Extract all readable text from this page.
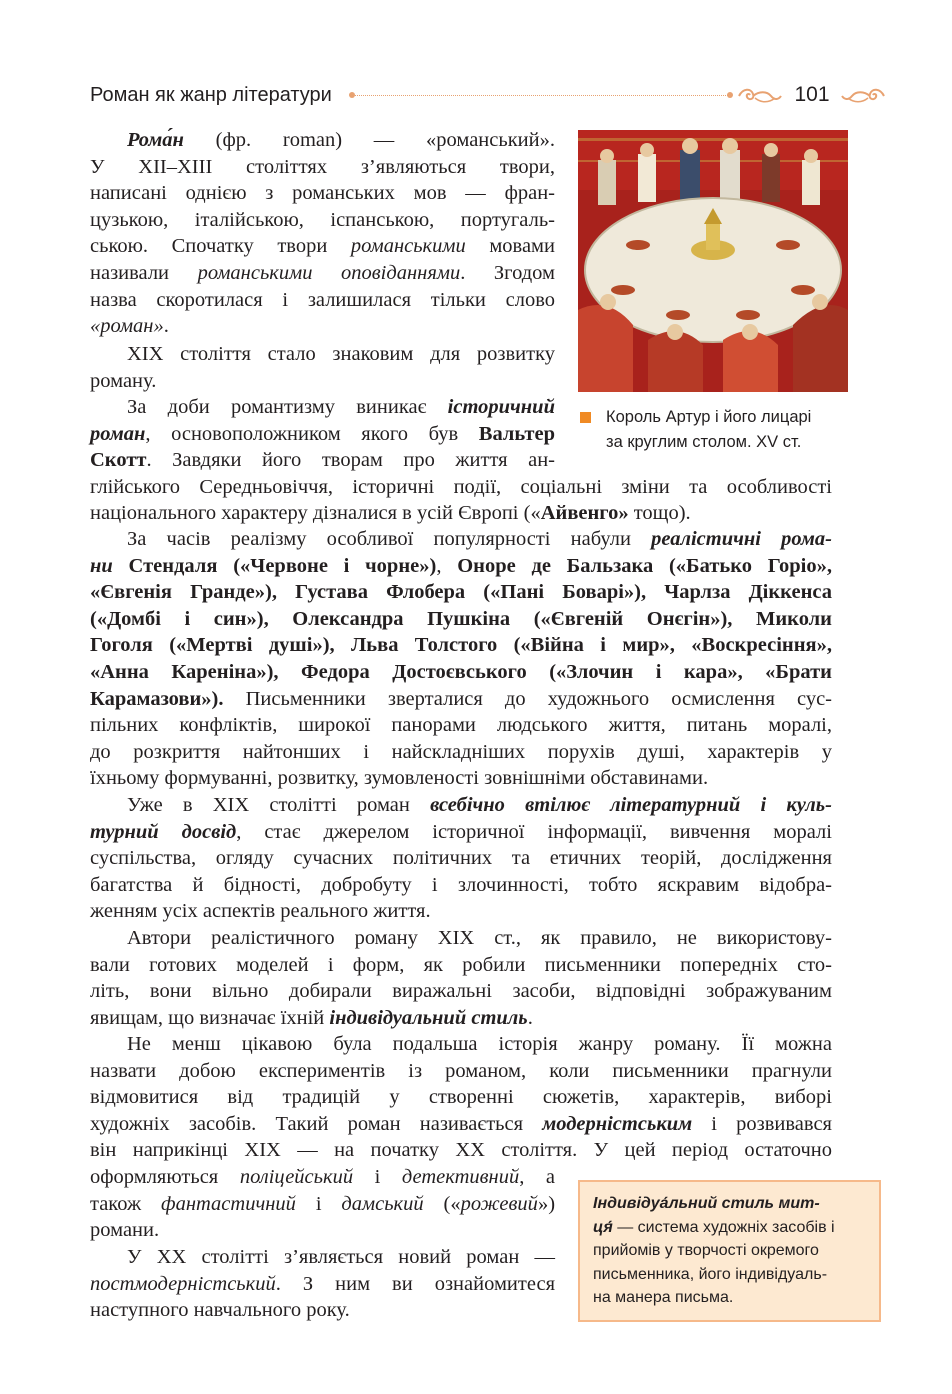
Роман як жанр літератури	101
Рома́н (фр. roman) — «романський».
У XII–XIII століттях з’являються твори,
написані однією з романських мов — фран-
цузькою, італійською, іспанською, португаль-
ською. Спочатку твори романськими мовами
називали романськими оповіданнями. Згодом
назва скоротилася і залишилася тільки слово
«роман».
XIX століття стало знаковим для розвитку
роману.
За доби романтизму виникає історичний
роман, основоположником якого був Вальтер
Скотт. Завдяки його творам про життя ан-
глійського Середньовіччя, історичні події, соціальні зміни та особливості
національного характеру дізналися в усій Європі («Айвенго» тощо).
За часів реалізму особливої популярності набули реалістичні рома-
ни Стендаля («Червоне і чорне»), Оноре де Бальзака («Батько Горіо»,
«Євгенія Гранде»), Густава Флобера («Пані Боварі»), Чарлза Діккенса
(«Домбі і син»), Олександра Пушкіна («Євгеній Онєгін»), Миколи
Гоголя («Мертві душі»), Льва Толстого («Війна і мир», «Воскресіння»,
«Анна Кареніна»), Федора Достоєвського («Злочин і кара», «Брати
Карамазови»). Письменники зверталися до художнього осмислення сус-
пільних конфліктів, широкої панорами людського життя, питань моралі,
до розкриття найтонших і найскладніших порухів душі, характерів у
їхньому формуванні, розвитку, зумовленості зовнішніми обставинами.
Уже в XIX столітті роман всебічно втілює літературний і куль-
турний досвід, стає джерелом історичної інформації, вивчення моралі
суспільства, огляду сучасних політичних та етичних теорій, дослідження
багатства й бідності, добробуту і злочинності, тобто яскравим відобра-
женням усіх аспектів реального життя.
Автори реалістичного роману XIX ст., як правило, не використову-
вали готових моделей і форм, як робили письменники попередніх сто-
літь, вони вільно добирали виражальні засоби, відповідні зображуваним
явищам, що визначає їхній індивідуальний стиль.
Не менш цікавою була подальша історія жанру роману. Її можна
назвати добою експериментів із романом, коли письменники прагнули
відмовитися від традицій у створенні сюжетів, характерів, виборі
художніх засобів. Такий роман називається модерністським і розвивався
він наприкінці XIX — на початку XX століття. У цей період остаточно
оформляються поліцейський і детективний, а
також фантастичний і дамський («рожевий»)
романи.
У XX столітті з’являється новий роман —
постмодерністський. З ним ви ознайомитеся
наступного навчального року.
Король Артур і його лицарі
за круглим столом. XV ст.
Індивідуа́льний стиль мит-
ця́ — система художніх засобів і
прийомів у творчості окремого
письменника, його індивідуаль-
на манера письма.
